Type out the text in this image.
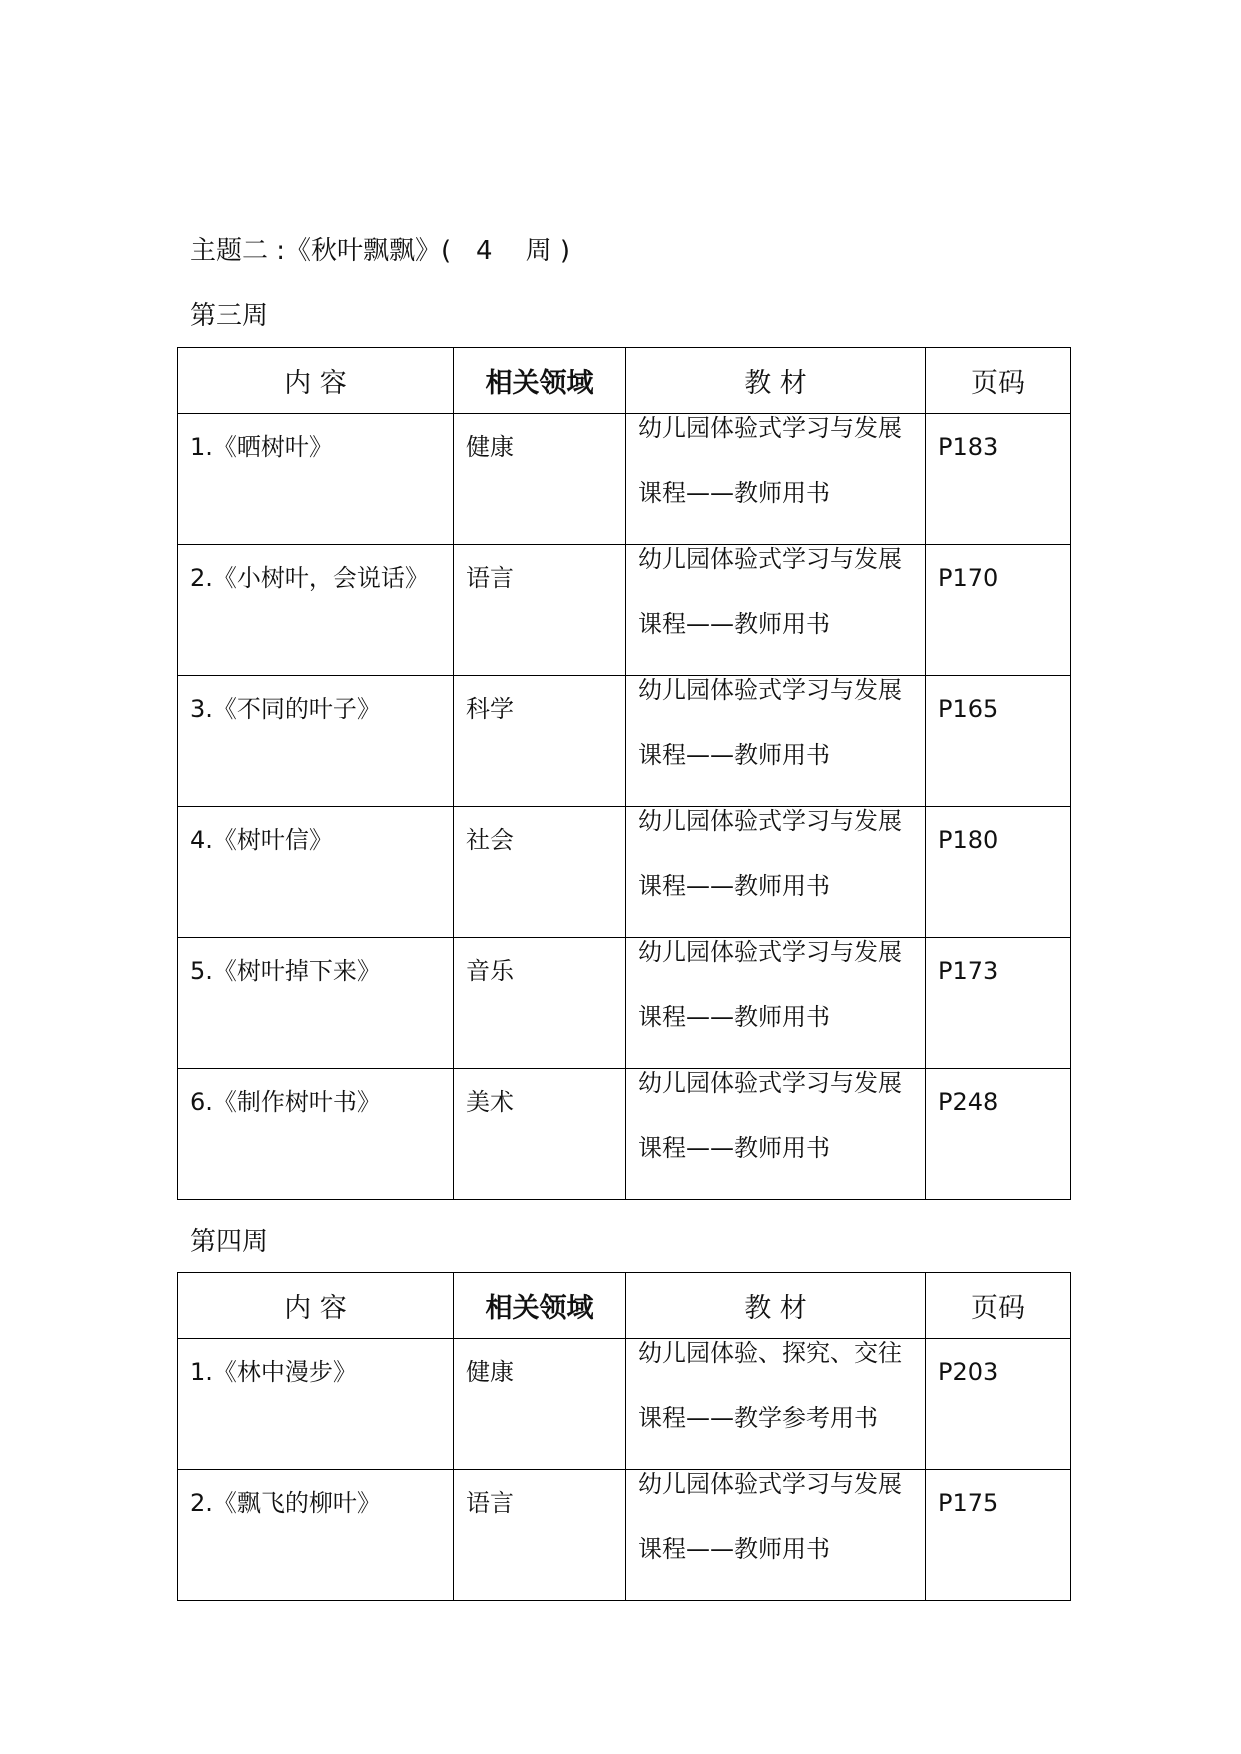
主题二 :《秋叶飘飘》(   4    周 )
第三周
内 容	相关领域	教 材	页码

1.《晒树叶》	健康	幼儿园体验式学习与发展
课程——教师用书	P183

2.《小树叶，会说话》	语言	幼儿园体验式学习与发展
课程——教师用书	P170

3.《不同的叶子》	科学	幼儿园体验式学习与发展
课程——教师用书	P165

4.《树叶信》	社会	幼儿园体验式学习与发展
课程——教师用书	P180

5.《树叶掉下来》	音乐	幼儿园体验式学习与发展
课程——教师用书	P173

6.《制作树叶书》	美术	幼儿园体验式学习与发展
课程——教师用书	P248
第四周
内 容	相关领域	教 材	页码

1.《林中漫步》	健康	幼儿园体验、探究、交往
课程——教学参考用书	P203

2.《飘飞的柳叶》	语言	幼儿园体验式学习与发展
课程——教师用书	P175
